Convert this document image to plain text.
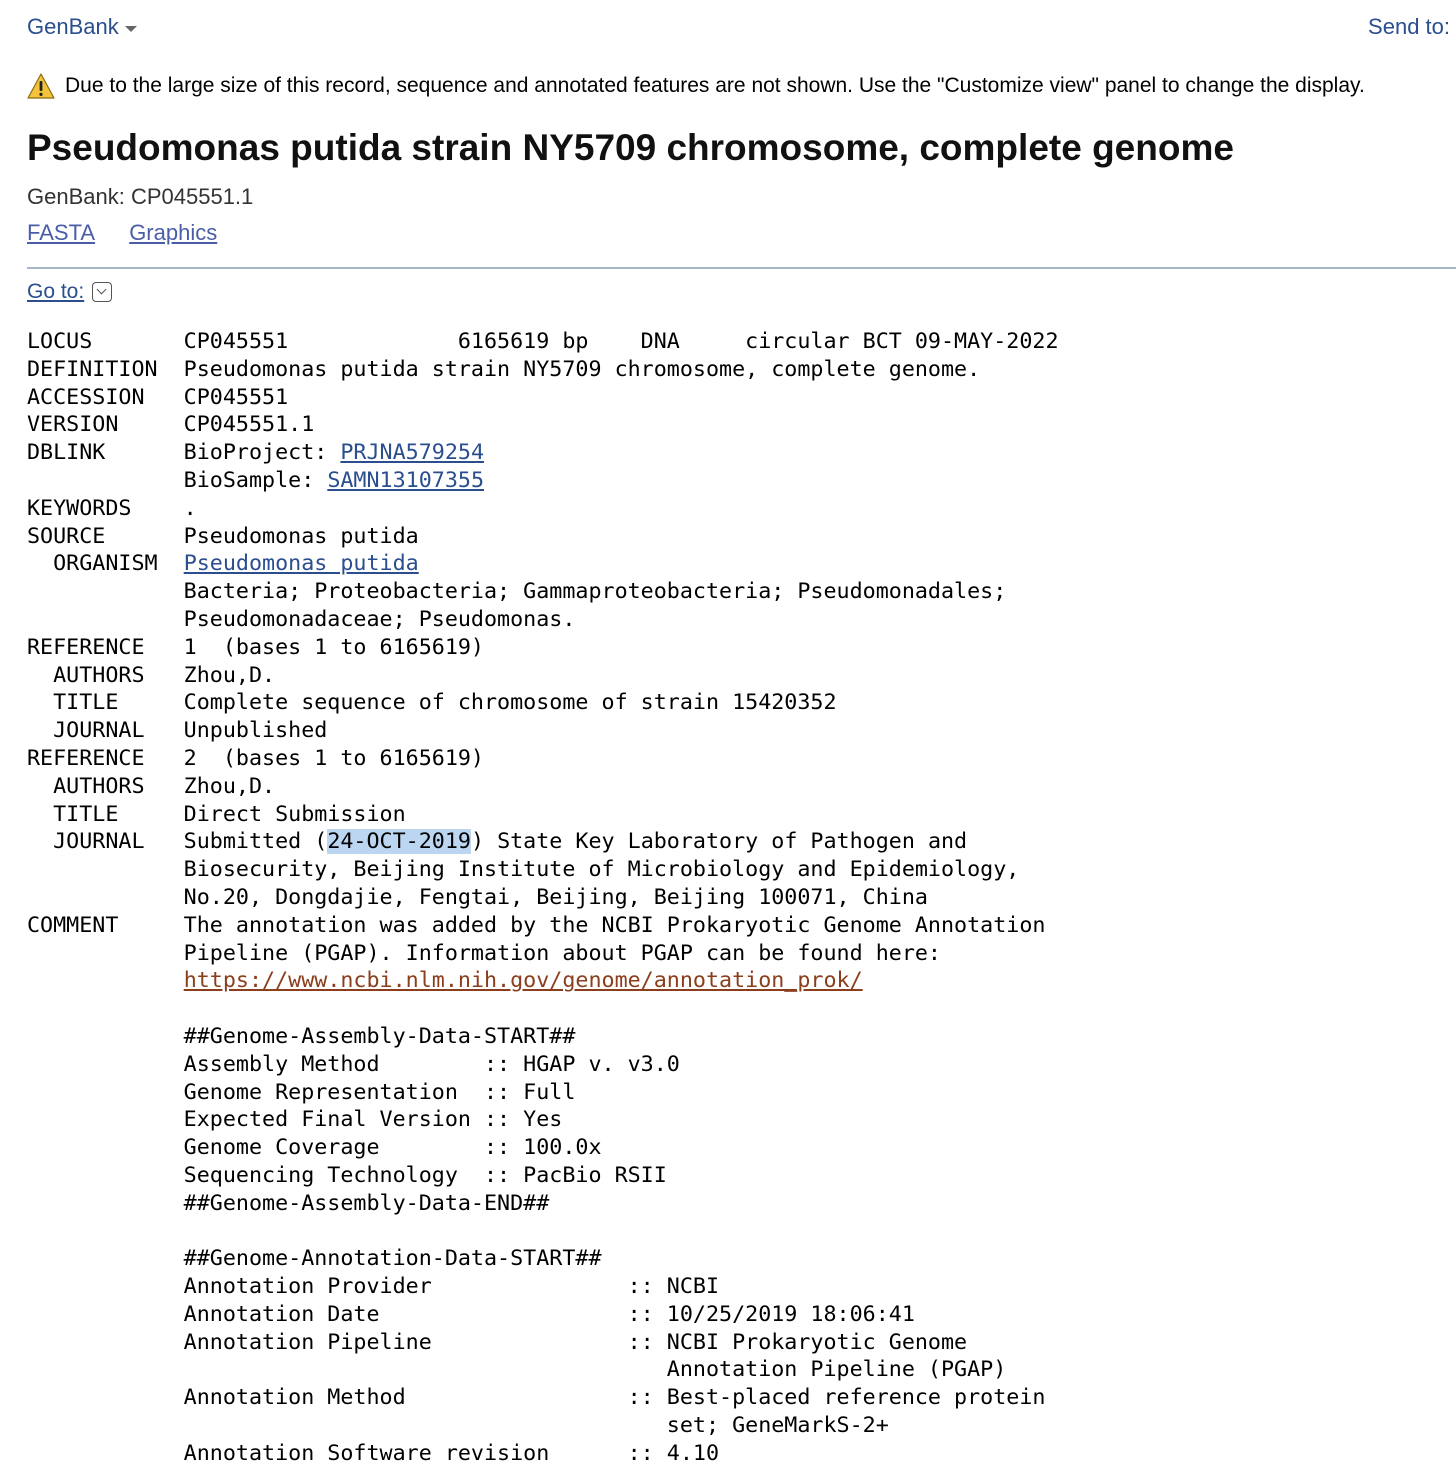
GenBank	Send to:
Due to the large size of this record, sequence and annotated features are not shown. Use the "Customize view" panel to change the display.
Pseudomonas putida strain NY5709 chromosome, complete genome
GenBank: CP045551.1
FASTA Graphics
Go to:
LOCUS       CP045551             6165619 bp    DNA     circular BCT 09-MAY-2022
DEFINITION  Pseudomonas putida strain NY5709 chromosome, complete genome.
ACCESSION   CP045551
VERSION     CP045551.1
DBLINK      BioProject: PRJNA579254
BioSample: SAMN13107355
KEYWORDS    .
SOURCE      Pseudomonas putida
ORGANISM  Pseudomonas putida
Bacteria; Proteobacteria; Gammaproteobacteria; Pseudomonadales;
Pseudomonadaceae; Pseudomonas.
REFERENCE   1  (bases 1 to 6165619)
AUTHORS   Zhou,D.
TITLE     Complete sequence of chromosome of strain 15420352
JOURNAL   Unpublished
REFERENCE   2  (bases 1 to 6165619)
AUTHORS   Zhou,D.
TITLE     Direct Submission
JOURNAL   Submitted (24-OCT-2019) State Key Laboratory of Pathogen and
Biosecurity, Beijing Institute of Microbiology and Epidemiology,
No.20, Dongdajie, Fengtai, Beijing, Beijing 100071, China
COMMENT     The annotation was added by the NCBI Prokaryotic Genome Annotation
Pipeline (PGAP). Information about PGAP can be found here:
https://www.ncbi.nlm.nih.gov/genome/annotation_prok/

##Genome-Assembly-Data-START##
Assembly Method        :: HGAP v. v3.0
Genome Representation  :: Full
Expected Final Version :: Yes
Genome Coverage        :: 100.0x
Sequencing Technology  :: PacBio RSII
##Genome-Assembly-Data-END##

##Genome-Annotation-Data-START##
Annotation Provider               :: NCBI
Annotation Date                   :: 10/25/2019 18:06:41
Annotation Pipeline               :: NCBI Prokaryotic Genome
Annotation Pipeline (PGAP)
Annotation Method                 :: Best-placed reference protein
set; GeneMarkS-2+
Annotation Software revision      :: 4.10
